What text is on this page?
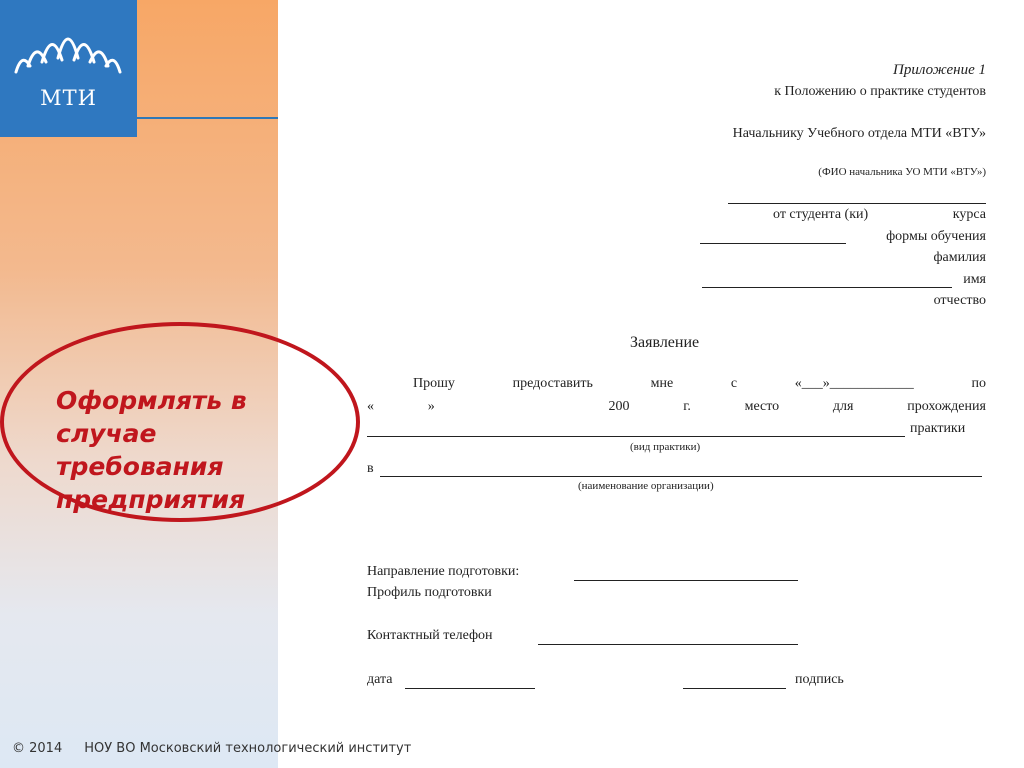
МТИ
Приложение 1
к Положению о практике студентов
Начальнику Учебного отдела МТИ «ВТУ»
(ФИО начальника УО МТИ «ВТУ»)
от студента (ки)	курса
формы обучения
фамилия
имя
отчество
Заявление
Прошу	предоставить	мне	с	«___»____________	по
«	»	200	г.	место	для	прохождения
практики
(вид практики)
в
(наименование организации)
Направление подготовки:
Профиль подготовки
Контактный телефон
дата	подпись
Оформлять в случае требования предприятия
© 2014 НОУ ВО Московский технологический институт
